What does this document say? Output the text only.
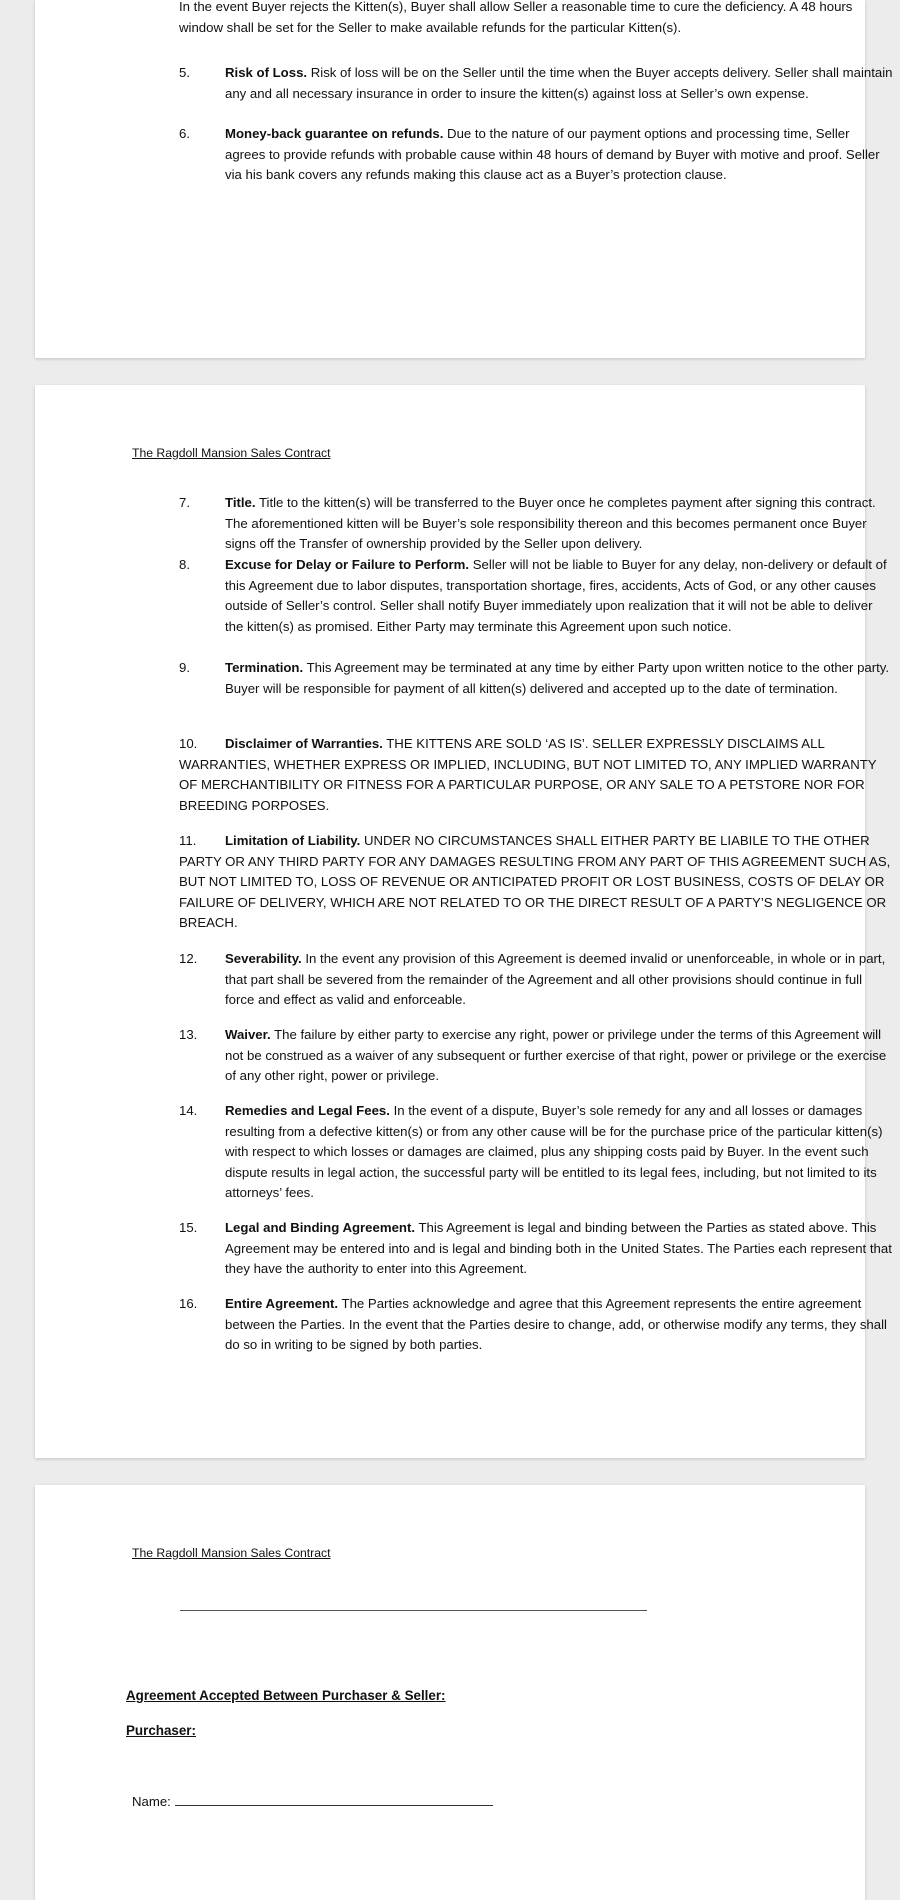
In the event Buyer rejects the Kitten(s), Buyer shall allow Seller a reasonable time to cure the deficiency. A 48 hours window shall be set for the Seller to make available refunds for the particular Kitten(s).
5.	Risk of Loss. Risk of loss will be on the Seller until the time when the Buyer accepts delivery. Seller shall maintain any and all necessary insurance in order to insure the kitten(s) against loss at Seller’s own expense.
6.	Money-back guarantee on refunds. Due to the nature of our payment options and processing time, Seller agrees to provide refunds with probable cause within 48 hours of demand by Buyer with motive and proof. Seller via his bank covers any refunds making this clause act as a Buyer’s protection clause.
The Ragdoll Mansion Sales Contract
7.	Title. Title to the kitten(s) will be transferred to the Buyer once he completes payment after signing this contract. The aforementioned kitten will be Buyer’s sole responsibility thereon and this becomes permanent once Buyer signs off the Transfer of ownership provided by the Seller upon delivery.
8.	Excuse for Delay or Failure to Perform. Seller will not be liable to Buyer for any delay, non-delivery or default of this Agreement due to labor disputes, transportation shortage, fires, accidents, Acts of God, or any other causes outside of Seller’s control. Seller shall notify Buyer immediately upon realization that it will not be able to deliver the kitten(s) as promised. Either Party may terminate this Agreement upon such notice.
9.	Termination. This Agreement may be terminated at any time by either Party upon written notice to the other party. Buyer will be responsible for payment of all kitten(s) delivered and accepted up to the date of termination.
10. Disclaimer of Warranties. THE KITTENS ARE SOLD ‘AS IS’. SELLER EXPRESSLY DISCLAIMS ALL WARRANTIES, WHETHER EXPRESS OR IMPLIED, INCLUDING, BUT NOT LIMITED TO, ANY IMPLIED WARRANTY OF MERCHANTIBILITY OR FITNESS FOR A PARTICULAR PURPOSE, OR ANY SALE TO A PETSTORE NOR FOR BREEDING PORPOSES.
11. Limitation of Liability. UNDER NO CIRCUMSTANCES SHALL EITHER PARTY BE LIABILE TO THE OTHER PARTY OR ANY THIRD PARTY FOR ANY DAMAGES RESULTING FROM ANY PART OF THIS AGREEMENT SUCH AS, BUT NOT LIMITED TO, LOSS OF REVENUE OR ANTICIPATED PROFIT OR LOST BUSINESS, COSTS OF DELAY OR FAILURE OF DELIVERY, WHICH ARE NOT RELATED TO OR THE DIRECT RESULT OF A PARTY’S NEGLIGENCE OR BREACH.
12. Severability. In the event any provision of this Agreement is deemed invalid or unenforceable, in whole or in part, that part shall be severed from the remainder of the Agreement and all other provisions should continue in full force and effect as valid and enforceable.
13. Waiver. The failure by either party to exercise any right, power or privilege under the terms of this Agreement will not be construed as a waiver of any subsequent or further exercise of that right, power or privilege or the exercise of any other right, power or privilege.
14. Remedies and Legal Fees. In the event of a dispute, Buyer’s sole remedy for any and all losses or damages resulting from a defective kitten(s) or from any other cause will be for the purchase price of the particular kitten(s) with respect to which losses or damages are claimed, plus any shipping costs paid by Buyer. In the event such dispute results in legal action, the successful party will be entitled to its legal fees, including, but not limited to its attorneys’ fees.
15. Legal and Binding Agreement. This Agreement is legal and binding between the Parties as stated above. This Agreement may be entered into and is legal and binding both in the United States. The Parties each represent that they have the authority to enter into this Agreement.
16. Entire Agreement. The Parties acknowledge and agree that this Agreement represents the entire agreement between the Parties. In the event that the Parties desire to change, add, or otherwise modify any terms, they shall do so in writing to be signed by both parties.
The Ragdoll Mansion Sales Contract
Agreement Accepted Between Purchaser & Seller:
Purchaser:
Name:
